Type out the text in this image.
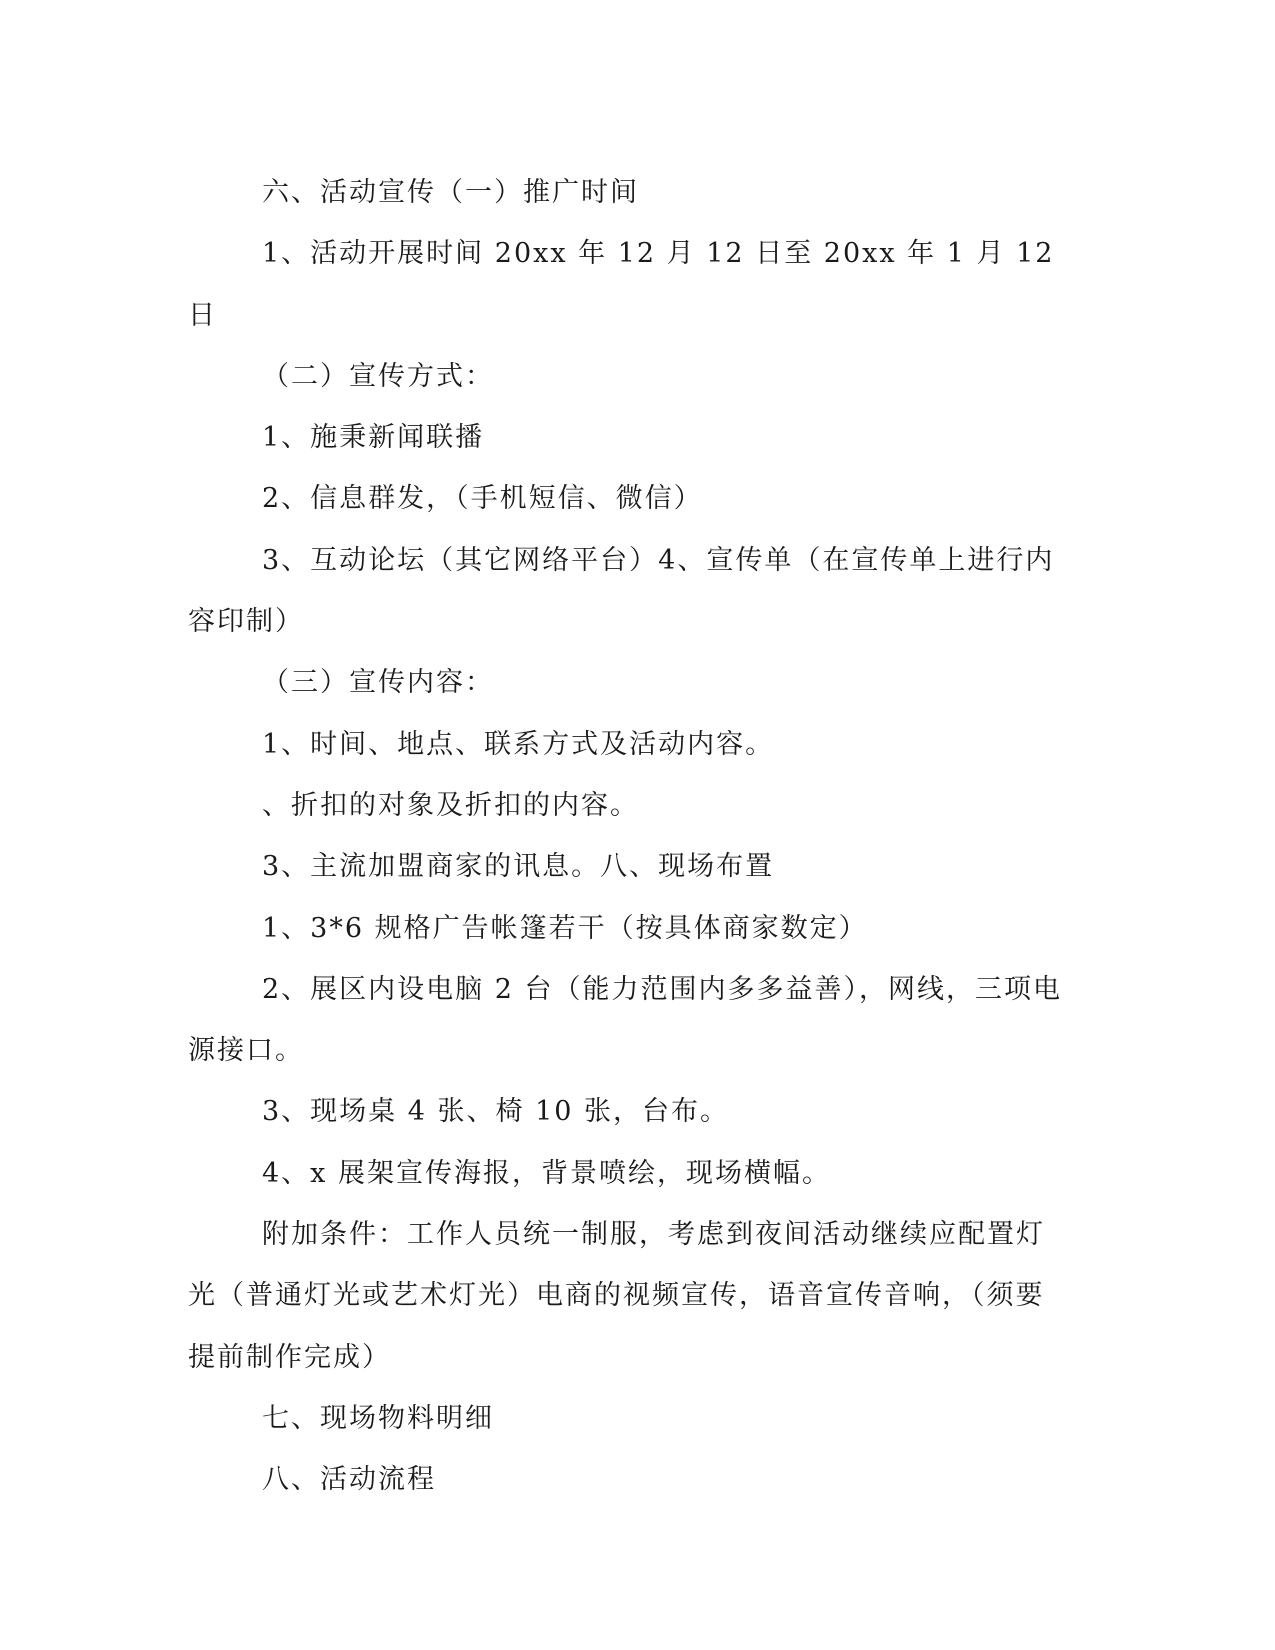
六、活动宣传（一）推广时间

1、活动开展时间 20xx 年 12 月 12 日至 20xx 年 1 月 12 日

（二）宣传方式：

1、施秉新闻联播

2、信息群发，（手机短信、微信）

3、互动论坛（其它网络平台）4、宣传单（在宣传单上进行内容印制）

（三）宣传内容：

1、时间、地点、联系方式及活动内容。

、折扣的对象及折扣的内容。

3、主流加盟商家的讯息。八、现场布置

1、3*6 规格广告帐篷若干（按具体商家数定）

2、展区内设电脑 2 台（能力范围内多多益善），网线，三项电源接口。

3、现场桌 4 张、椅 10 张，台布。

4、x 展架宣传海报，背景喷绘，现场横幅。

附加条件：工作人员统一制服，考虑到夜间活动继续应配置灯光（普通灯光或艺术灯光）电商的视频宣传，语音宣传音响，（须要提前制作完成）

七、现场物料明细

八、活动流程
